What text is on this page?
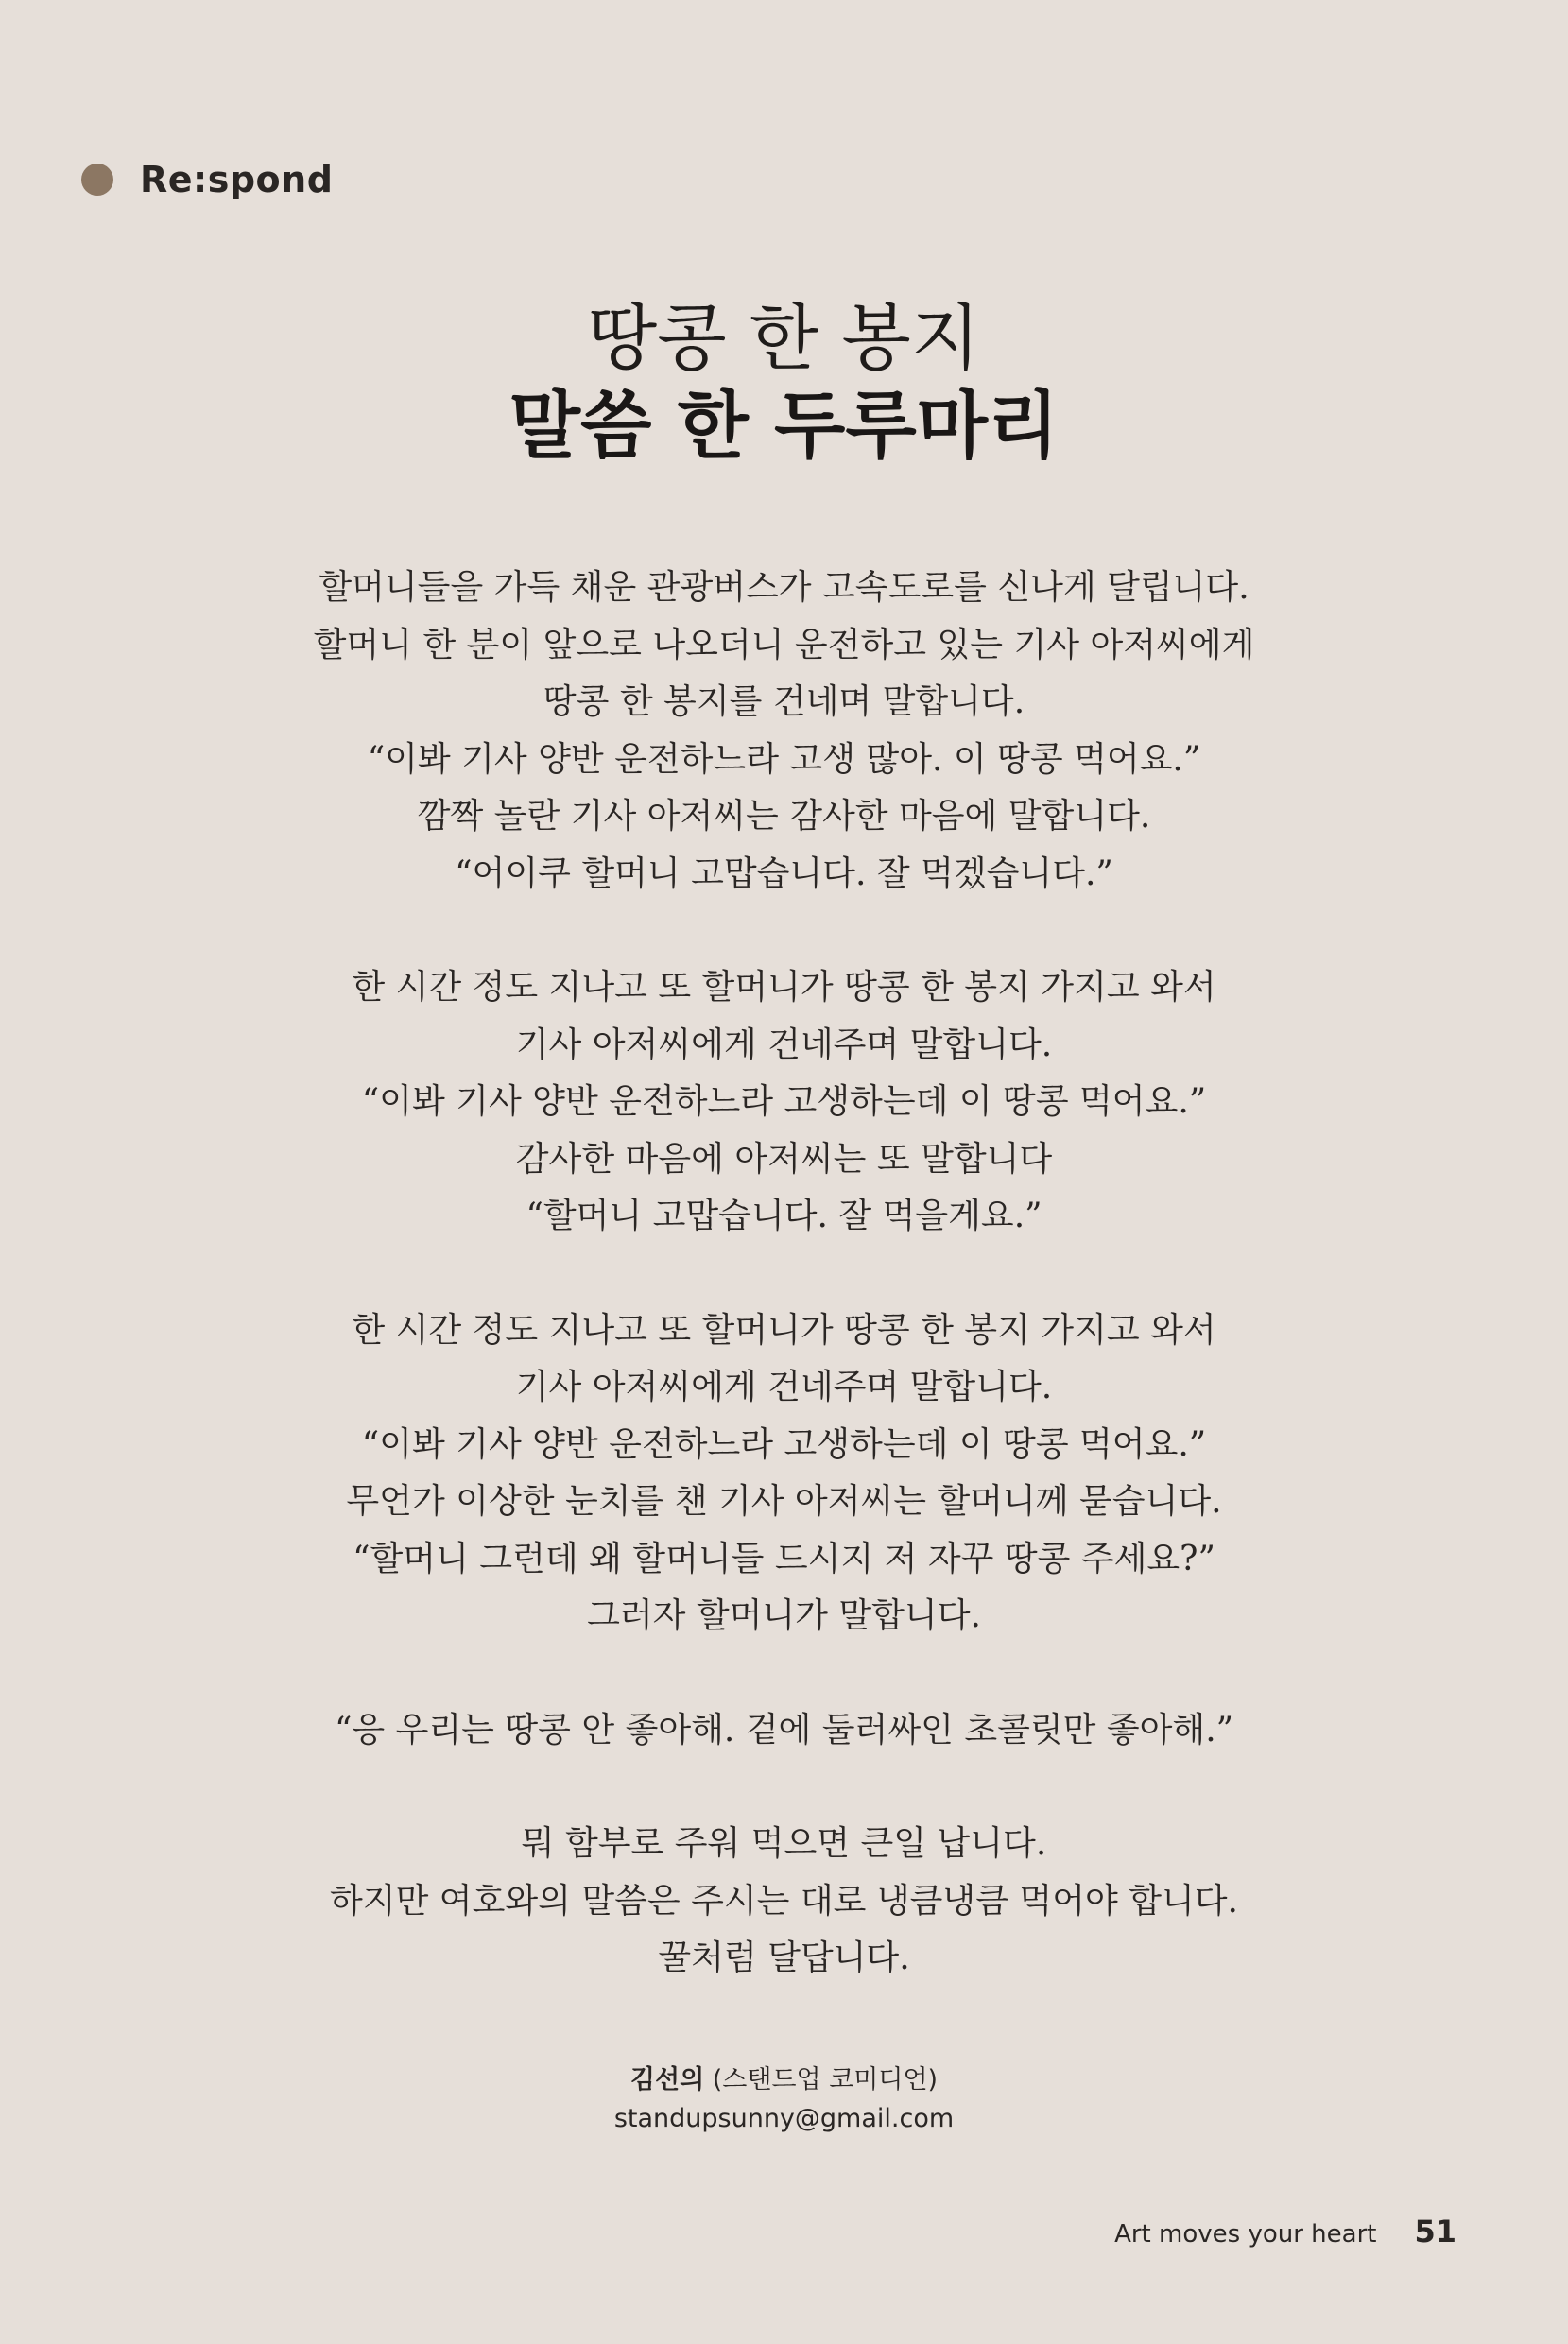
Re:spond
땅콩 한 봉지
말씀 한 두루마리
할머니들을 가득 채운 관광버스가 고속도로를 신나게 달립니다.
할머니 한 분이 앞으로 나오더니 운전하고 있는 기사 아저씨에게
땅콩 한 봉지를 건네며 말합니다.
“이봐 기사 양반 운전하느라 고생 많아. 이 땅콩 먹어요.”
깜짝 놀란 기사 아저씨는 감사한 마음에 말합니다.
“어이쿠 할머니 고맙습니다. 잘 먹겠습니다.”
한 시간 정도 지나고 또 할머니가 땅콩 한 봉지 가지고 와서
기사 아저씨에게 건네주며 말합니다.
“이봐 기사 양반 운전하느라 고생하는데 이 땅콩 먹어요.”
감사한 마음에 아저씨는 또 말합니다
“할머니 고맙습니다. 잘 먹을게요.”
한 시간 정도 지나고 또 할머니가 땅콩 한 봉지 가지고 와서
기사 아저씨에게 건네주며 말합니다.
“이봐 기사 양반 운전하느라 고생하는데 이 땅콩 먹어요.”
무언가 이상한 눈치를 챈 기사 아저씨는 할머니께 묻습니다.
“할머니 그런데 왜 할머니들 드시지 저 자꾸 땅콩 주세요?”
그러자 할머니가 말합니다.
“응 우리는 땅콩 안 좋아해. 겉에 둘러싸인 초콜릿만 좋아해.”
뭐 함부로 주워 먹으면 큰일 납니다.
하지만 여호와의 말씀은 주시는 대로 냉큼냉큼 먹어야 합니다.
꿀처럼 달답니다.
김선의 (스탠드업 코미디언)
standupsunny@gmail.com
Art moves your heart 51
